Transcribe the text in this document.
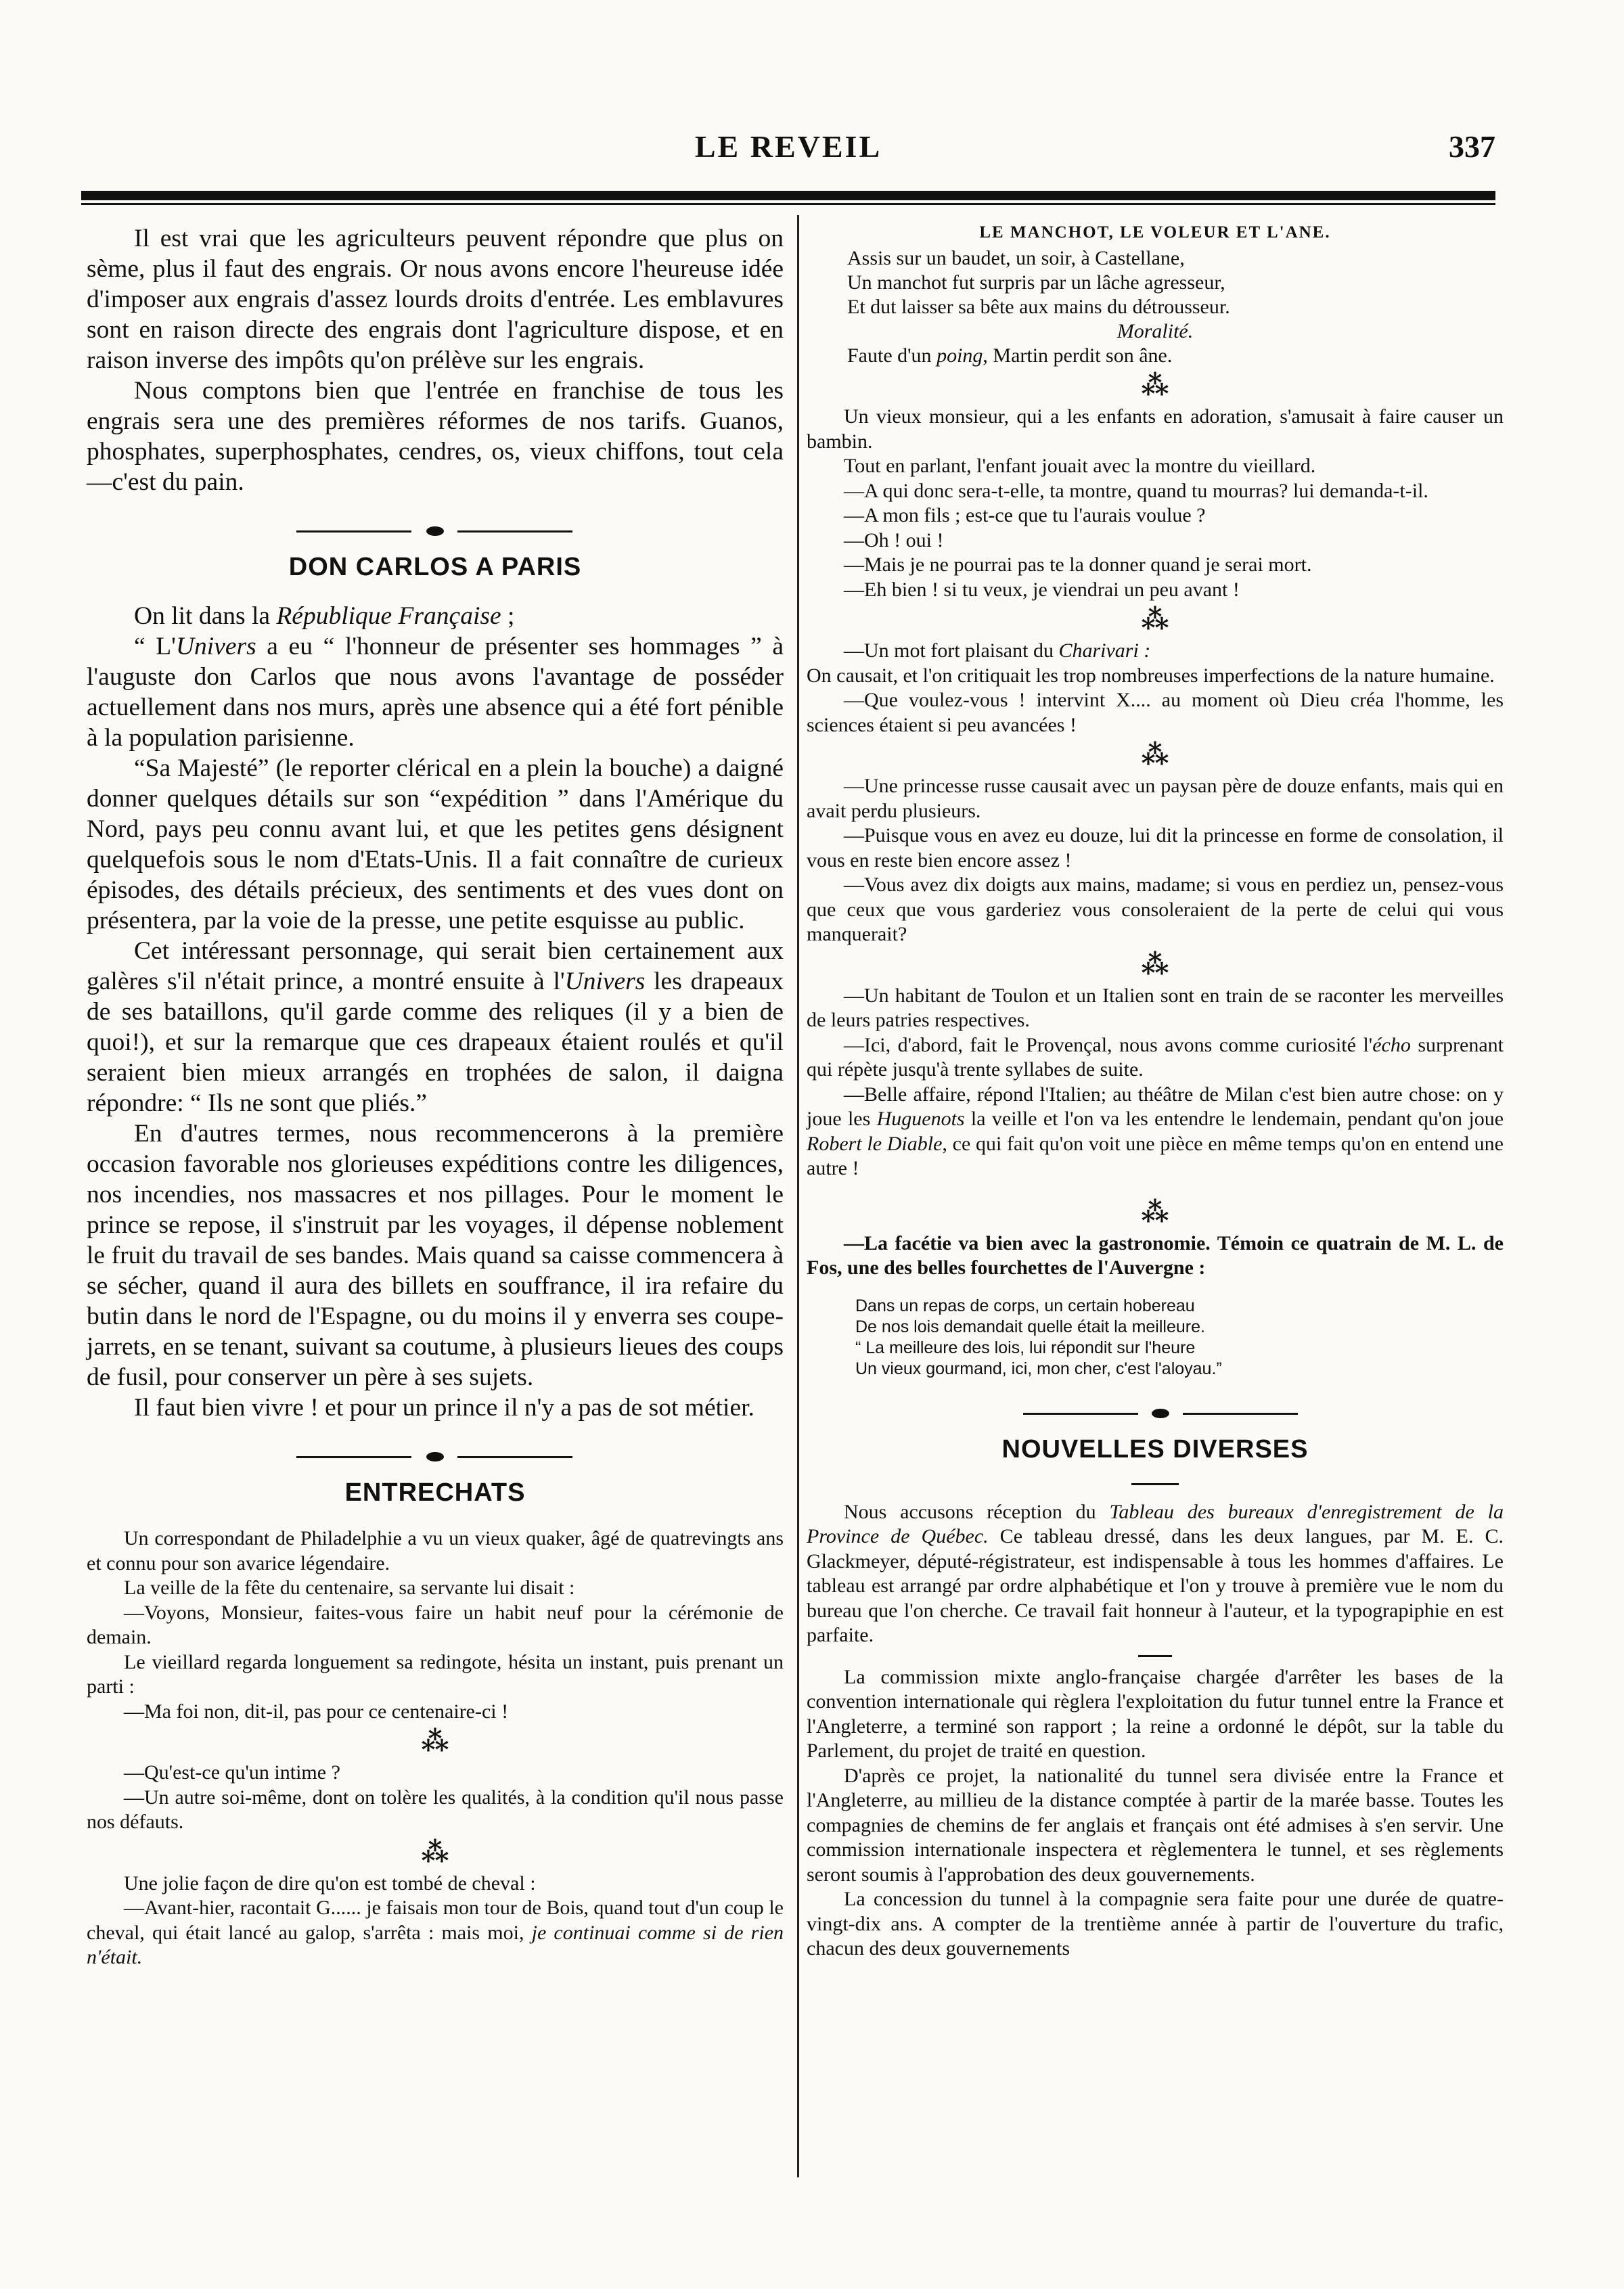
LE REVEIL	337

Il est vrai que les agriculteurs peuvent répondre que plus on sème, plus il faut des engrais. Or nous avons encore l'heureuse idée d'imposer aux engrais d'assez lourds droits d'entrée. Les emblavures sont en raison directe des engrais dont l'agriculture dispose, et en raison inverse des impôts qu'on prélève sur les engrais.

Nous comptons bien que l'entrée en franchise de tous les engrais sera une des premières réformes de nos tarifs. Guanos, phosphates, superphosphates, cendres, os, vieux chiffons, tout cela—c'est du pain.

DON CARLOS A PARIS

On lit dans la République Française ;

“ L'Univers a eu “ l'honneur de présenter ses hommages ” à l'auguste don Carlos que nous avons l'avantage de posséder actuellement dans nos murs, après une absence qui a été fort pénible à la population parisienne.

“Sa Majesté” (le reporter clérical en a plein la bouche) a daigné donner quelques détails sur son “expédition ” dans l'Amérique du Nord, pays peu connu avant lui, et que les petites gens désignent quelquefois sous le nom d'Etats-Unis. Il a fait connaître de curieux épisodes, des détails précieux, des sentiments et des vues dont on présentera, par la voie de la presse, une petite esquisse au public.

Cet intéressant personnage, qui serait bien certainement aux galères s'il n'était prince, a montré ensuite à l'Univers les drapeaux de ses bataillons, qu'il garde comme des reliques (il y a bien de quoi!), et sur la remarque que ces drapeaux étaient roulés et qu'il seraient bien mieux arrangés en trophées de salon, il daigna répondre: “ Ils ne sont que pliés.”

En d'autres termes, nous recommencerons à la première occasion favorable nos glorieuses expéditions contre les diligences, nos incendies, nos massacres et nos pillages. Pour le moment le prince se repose, il s'instruit par les voyages, il dépense noblement le fruit du travail de ses bandes. Mais quand sa caisse commencera à se sécher, quand il aura des billets en souffrance, il ira refaire du butin dans le nord de l'Espagne, ou du moins il y enverra ses coupe-jarrets, en se tenant, suivant sa coutume, à plusieurs lieues des coups de fusil, pour conserver un père à ses sujets.

Il faut bien vivre ! et pour un prince il n'y a pas de sot métier.

ENTRECHATS

Un correspondant de Philadelphie a vu un vieux quaker, âgé de quatrevingts ans et connu pour son avarice légendaire.

La veille de la fête du centenaire, sa servante lui disait :

—Voyons, Monsieur, faites-vous faire un habit neuf pour la cérémonie de demain.

Le vieillard regarda longuement sa redingote, hésita un instant, puis prenant un parti :

—Ma foi non, dit-il, pas pour ce centenaire-ci !

⁂

—Qu'est-ce qu'un intime ?

—Un autre soi-même, dont on tolère les qualités, à la condition qu'il nous passe nos défauts.

⁂

Une jolie façon de dire qu'on est tombé de cheval :

—Avant-hier, racontait G...... je faisais mon tour de Bois, quand tout d'un coup le cheval, qui était lancé au galop, s'arrêta : mais moi, je continuai comme si de rien n'était.

LE MANCHOT, LE VOLEUR ET L'ANE.
Assis sur un baudet, un soir, à Castellane,
Un manchot fut surpris par un lâche agresseur,
Et dut laisser sa bête aux mains du détrousseur.
Moralité.
Faute d'un poing, Martin perdit son âne.
⁂

Un vieux monsieur, qui a les enfants en adoration, s'amusait à faire causer un bambin.

Tout en parlant, l'enfant jouait avec la montre du vieillard.

—A qui donc sera-t-elle, ta montre, quand tu mourras? lui demanda-t-il.

—A mon fils ; est-ce que tu l'aurais voulue ?

—Oh ! oui !

—Mais je ne pourrai pas te la donner quand je serai mort.

—Eh bien ! si tu veux, je viendrai un peu avant !

⁂

—Un mot fort plaisant du Charivari :

On causait, et l'on critiquait les trop nombreuses imperfections de la nature humaine.

—Que voulez-vous ! intervint X.... au moment où Dieu créa l'homme, les sciences étaient si peu avancées !

⁂

—Une princesse russe causait avec un paysan père de douze enfants, mais qui en avait perdu plusieurs.

—Puisque vous en avez eu douze, lui dit la princesse en forme de consolation, il vous en reste bien encore assez !

—Vous avez dix doigts aux mains, madame; si vous en perdiez un, pensez-vous que ceux que vous garderiez vous consoleraient de la perte de celui qui vous manquerait?

⁂

—Un habitant de Toulon et un Italien sont en train de se raconter les merveilles de leurs patries respectives.

—Ici, d'abord, fait le Provençal, nous avons comme curiosité l'écho surprenant qui répète jusqu'à trente syllabes de suite.

—Belle affaire, répond l'Italien; au théâtre de Milan c'est bien autre chose: on y joue les Huguenots la veille et l'on va les entendre le lendemain, pendant qu'on joue Robert le Diable, ce qui fait qu'on voit une pièce en même temps qu'on en entend une autre !

⁂

—La facétie va bien avec la gastronomie. Témoin ce quatrain de M. L. de Fos, une des belles fourchettes de l'Auvergne :

Dans un repas de corps, un certain hobereau
De nos lois demandait quelle était la meilleure.
“ La meilleure des lois, lui répondit sur l'heure
Un vieux gourmand, ici, mon cher, c'est l'aloyau.”
NOUVELLES DIVERSES

Nous accusons réception du Tableau des bureaux d'enregistrement de la Province de Québec. Ce tableau dressé, dans les deux langues, par M. E. C. Glackmeyer, député-régistrateur, est indispensable à tous les hommes d'affaires. Le tableau est arrangé par ordre alphabétique et l'on y trouve à première vue le nom du bureau que l'on cherche. Ce travail fait honneur à l'auteur, et la typograpiphie en est parfaite.

La commission mixte anglo-française chargée d'arrêter les bases de la convention internationale qui règlera l'exploitation du futur tunnel entre la France et l'Angleterre, a terminé son rapport ; la reine a ordonné le dépôt, sur la table du Parlement, du projet de traité en question.

D'après ce projet, la nationalité du tunnel sera divisée entre la France et l'Angleterre, au millieu de la distance comptée à partir de la marée basse. Toutes les compagnies de chemins de fer anglais et français ont été admises à s'en servir. Une commission internationale inspectera et règlementera le tunnel, et ses règlements seront soumis à l'approbation des deux gouvernements.

La concession du tunnel à la compagnie sera faite pour une durée de quatre-vingt-dix ans. A compter de la trentième année à partir de l'ouverture du trafic, chacun des deux gouvernements
